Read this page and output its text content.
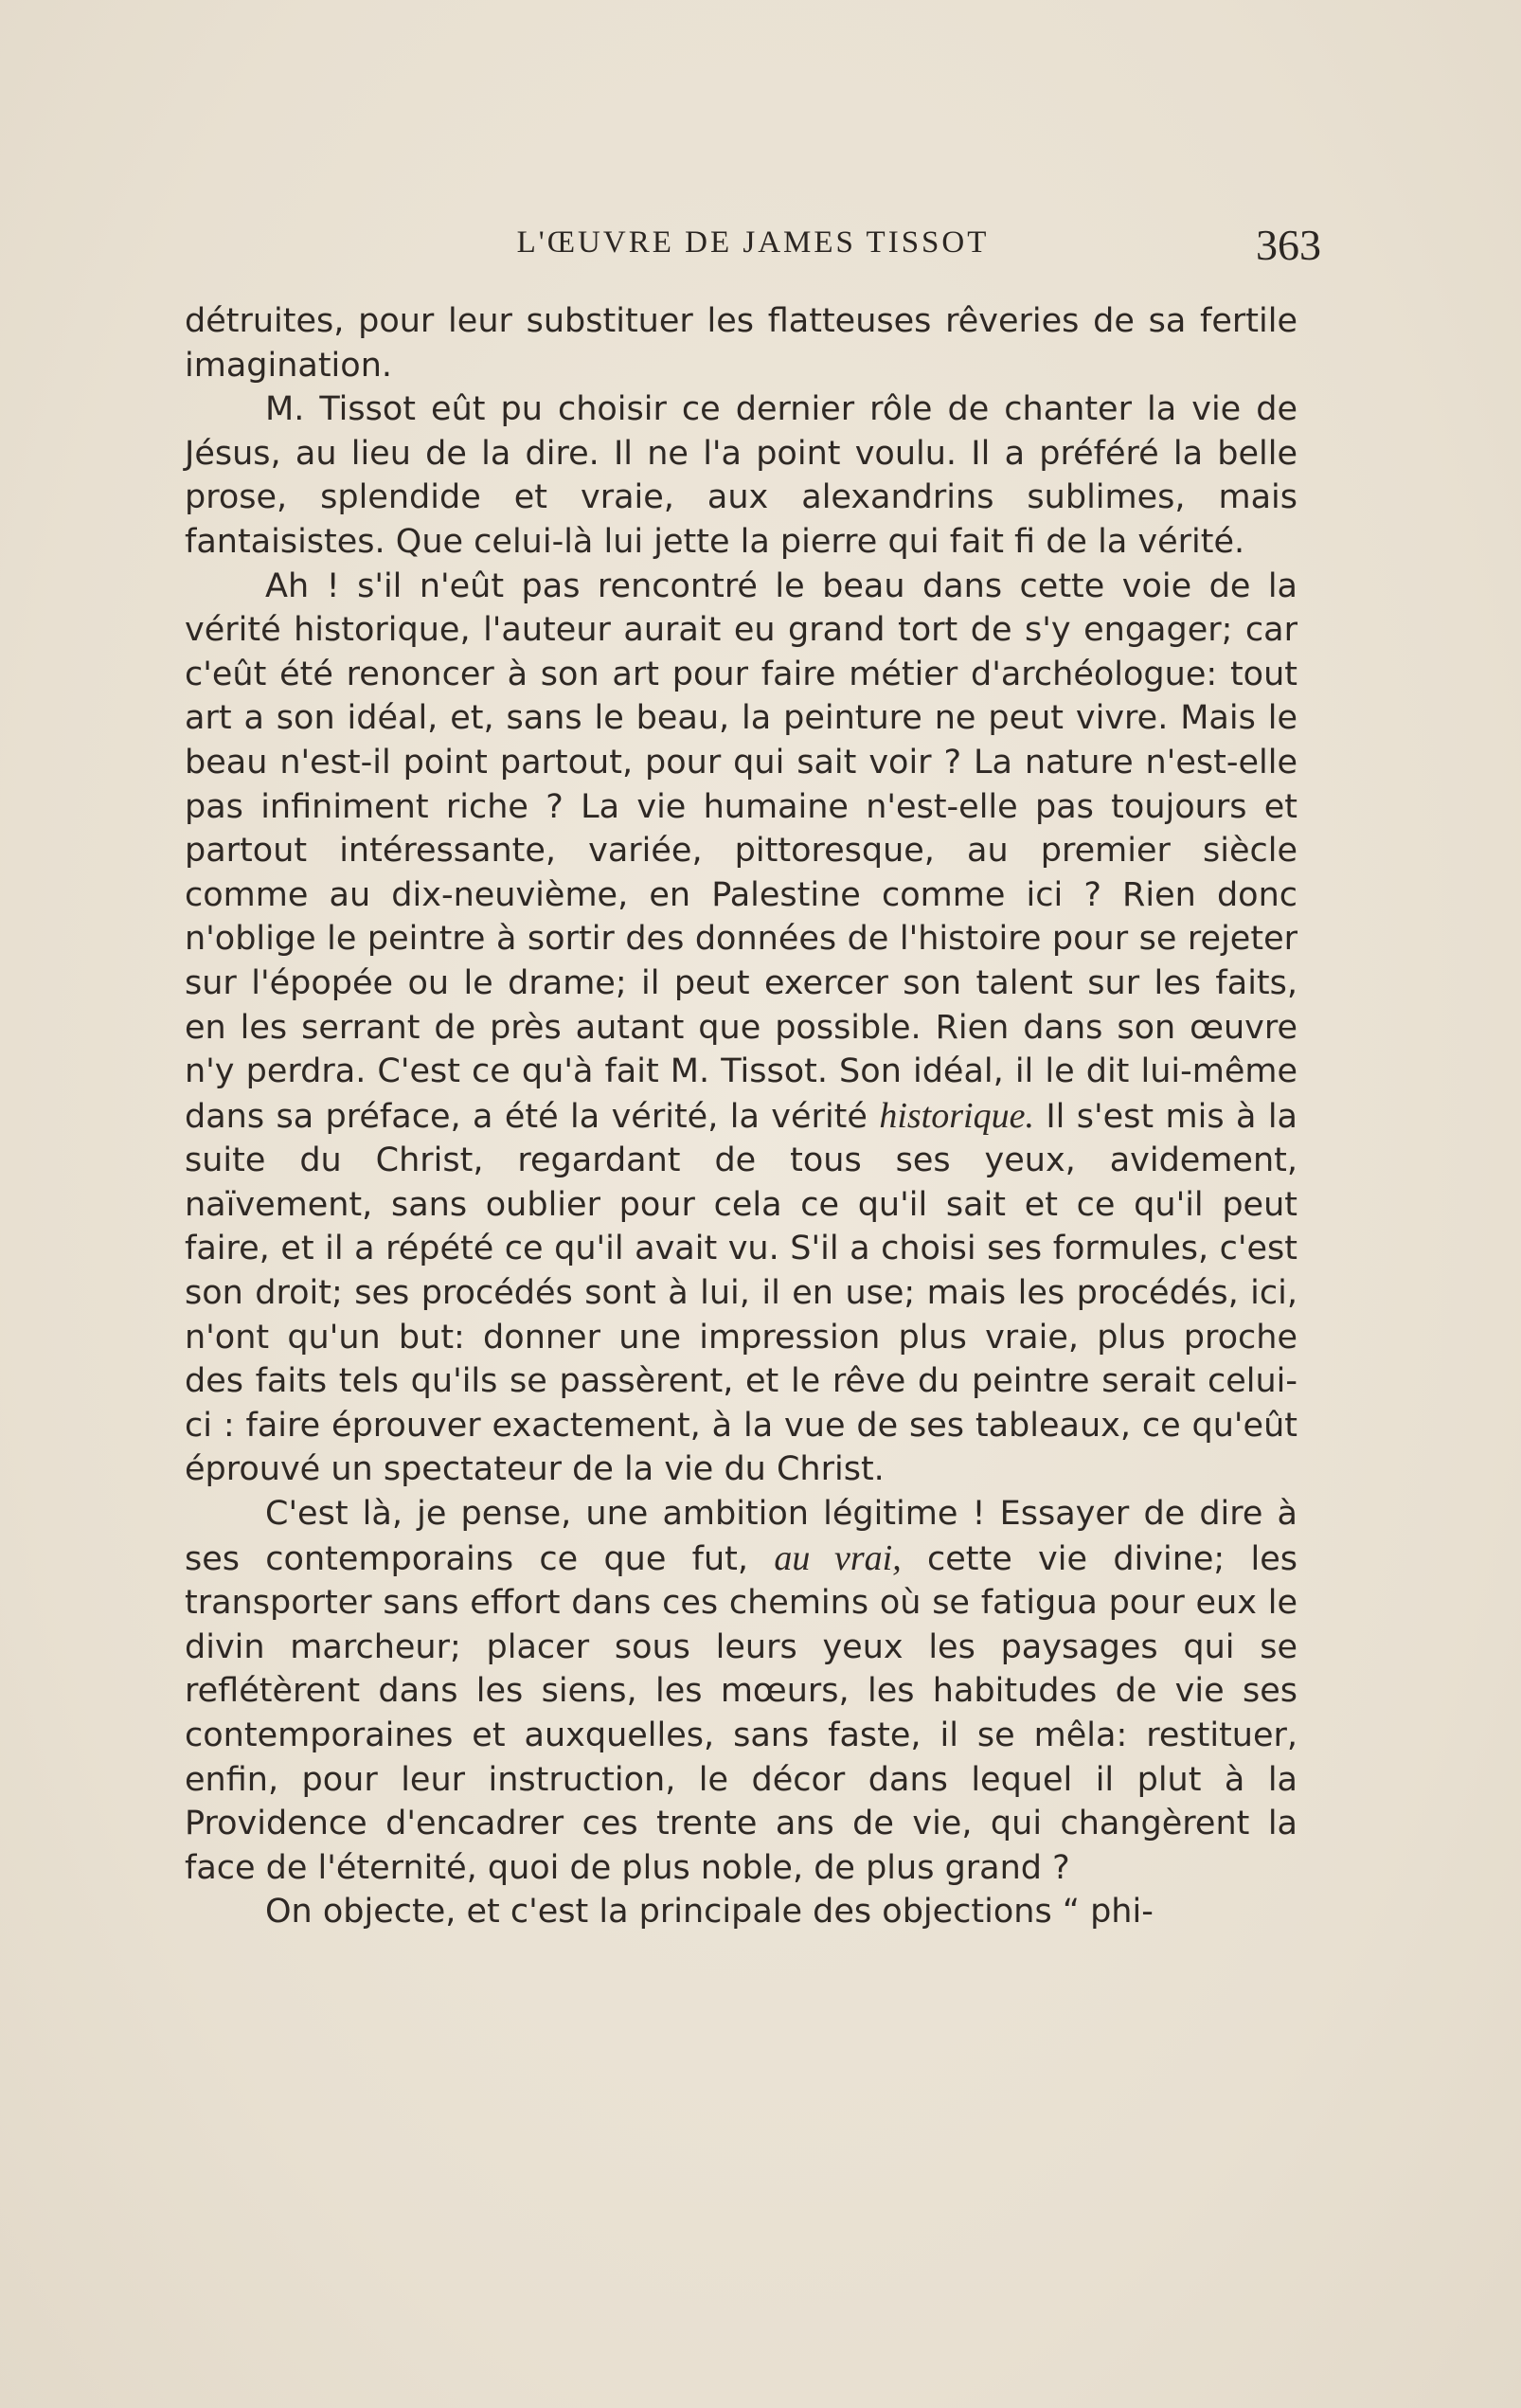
L'ŒUVRE DE JAMES TISSOT	363

détruites, pour leur substituer les flatteuses rêveries de sa fertile imagination.

M. Tissot eût pu choisir ce dernier rôle de chanter la vie de Jésus, au lieu de la dire. Il ne l'a point voulu. Il a préféré la belle prose, splendide et vraie, aux alexandrins sublimes, mais fantaisistes. Que celui-là lui jette la pierre qui fait fi de la vérité.

Ah ! s'il n'eût pas rencontré le beau dans cette voie de la vérité historique, l'auteur aurait eu grand tort de s'y engager; car c'eût été renoncer à son art pour faire métier d'archéologue: tout art a son idéal, et, sans le beau, la peinture ne peut vivre. Mais le beau n'est-il point partout, pour qui sait voir ? La nature n'est-elle pas infiniment riche ? La vie humaine n'est-elle pas toujours et partout intéressante, variée, pittoresque, au premier siècle comme au dix-neuvième, en Palestine comme ici ? Rien donc n'oblige le peintre à sortir des données de l'histoire pour se rejeter sur l'épopée ou le drame; il peut exercer son talent sur les faits, en les serrant de près autant que possible. Rien dans son œuvre n'y perdra. C'est ce qu'à fait M. Tissot. Son idéal, il le dit lui-même dans sa préface, a été la vérité, la vérité historique. Il s'est mis à la suite du Christ, regardant de tous ses yeux, avidement, naïvement, sans oublier pour cela ce qu'il sait et ce qu'il peut faire, et il a répété ce qu'il avait vu. S'il a choisi ses formules, c'est son droit; ses procédés sont à lui, il en use; mais les procédés, ici, n'ont qu'un but: donner une impression plus vraie, plus proche des faits tels qu'ils se passèrent, et le rêve du peintre serait celui-ci : faire éprouver exactement, à la vue de ses tableaux, ce qu'eût éprouvé un spectateur de la vie du Christ.

C'est là, je pense, une ambition légitime ! Essayer de dire à ses contemporains ce que fut, au vrai, cette vie divine; les transporter sans effort dans ces chemins où se fatigua pour eux le divin marcheur; placer sous leurs yeux les paysages qui se reflétèrent dans les siens, les mœurs, les habitudes de vie ses contemporaines et auxquelles, sans faste, il se mêla: restituer, enfin, pour leur instruction, le décor dans lequel il plut à la Providence d'encadrer ces trente ans de vie, qui changèrent la face de l'éternité, quoi de plus noble, de plus grand ?

On objecte, et c'est la principale des objections “ phi-
